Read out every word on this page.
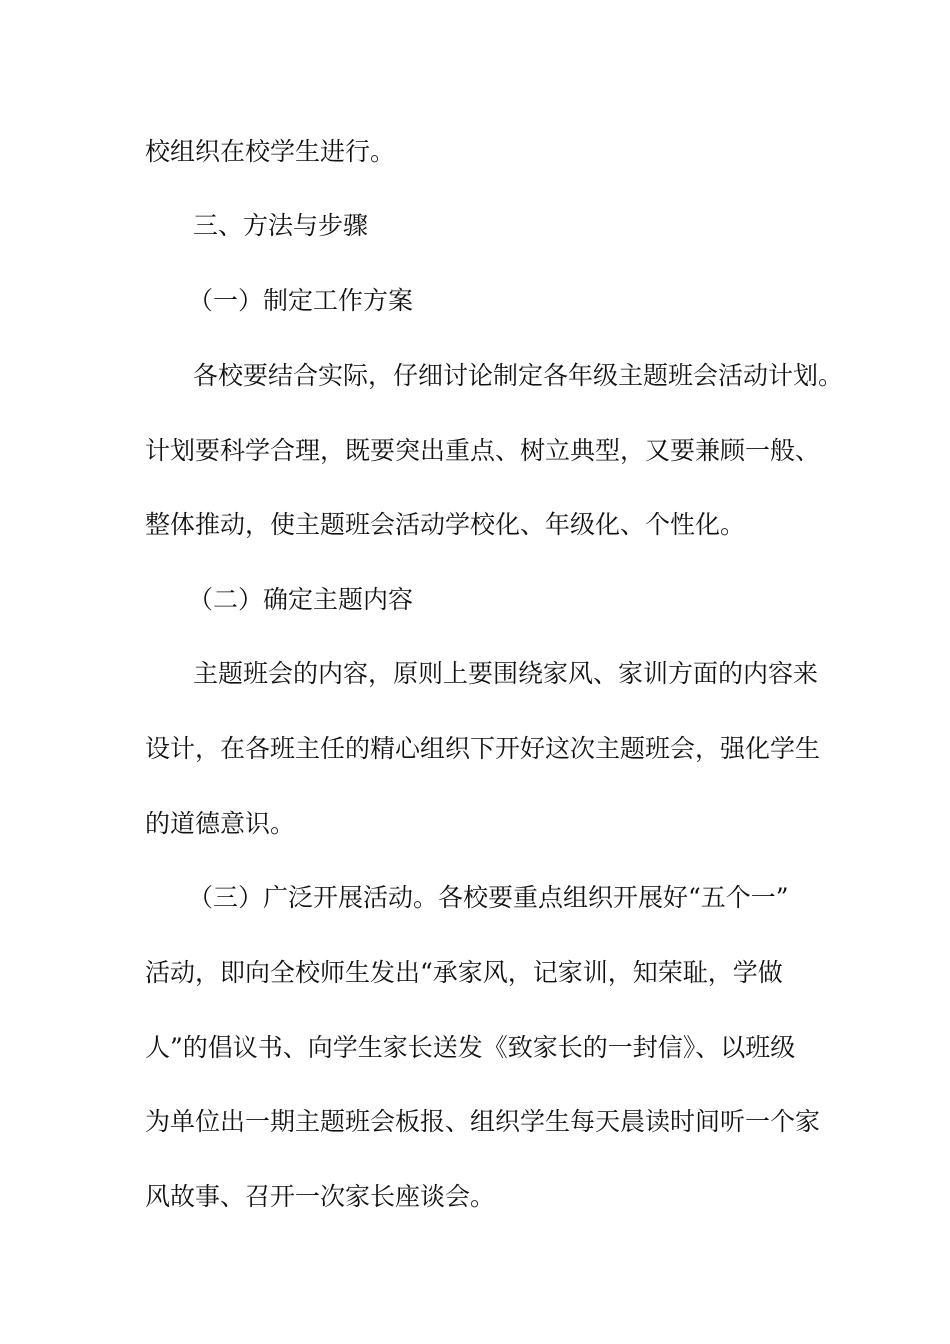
校组织在校学生进行。

三、方法与步骤

（一）制定工作方案

各校要结合实际，仔细讨论制定各年级主题班会活动计划。

计划要科学合理，既要突出重点、树立典型，又要兼顾一般、

整体推动，使主题班会活动学校化、年级化、个性化。

（二）确定主题内容

主题班会的内容，原则上要围绕家风、家训方面的内容来

设计，在各班主任的精心组织下开好这次主题班会，强化学生

的道德意识。

（三）广泛开展活动。各校要重点组织开展好“五个一”

活动，即向全校师生发出“承家风，记家训，知荣耻，学做

人”的倡议书、向学生家长送发《致家长的一封信》、以班级

为单位出一期主题班会板报、组织学生每天晨读时间听一个家

风故事、召开一次家长座谈会。
